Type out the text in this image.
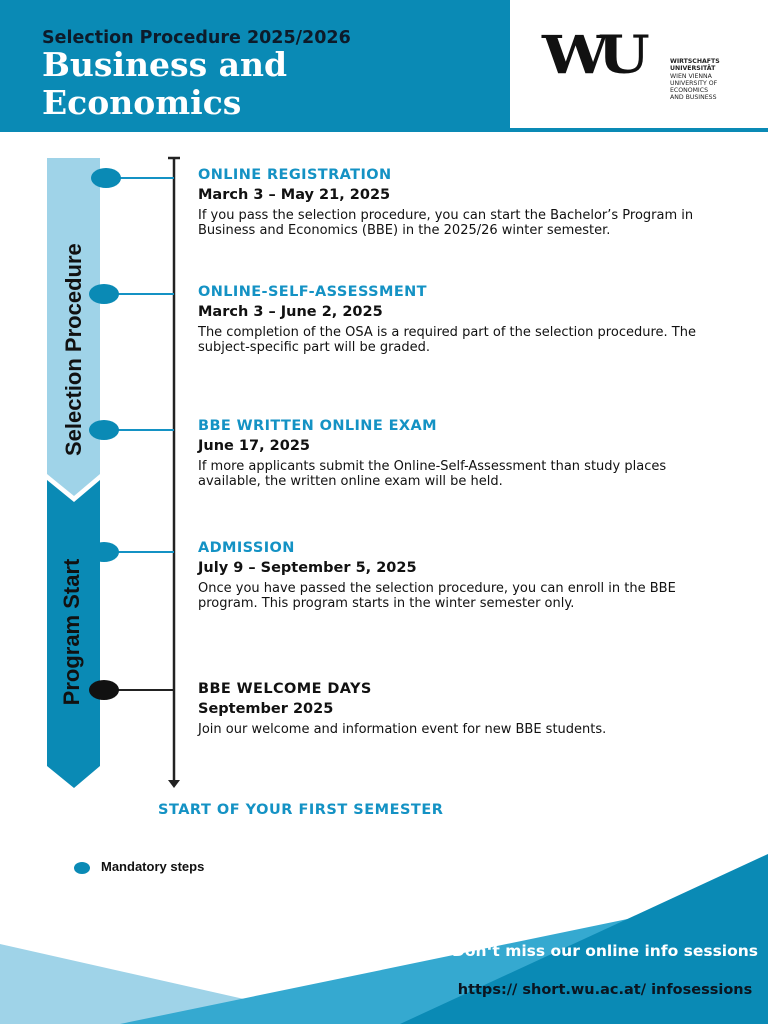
Selection Procedure 2025/2026
Business and Economics
WU	WIRTSCHAFTS
UNIVERSITÄT
WIEN VIENNA
UNIVERSITY OF
ECONOMICS
AND BUSINESS
Selection Procedure
Program Start
ONLINE REGISTRATION
March 3 – May 21, 2025
If you pass the selection procedure, you can start the Bachelor’s Program in Business and Economics (BBE) in the 2025/26 winter semester.
ONLINE-SELF-ASSESSMENT
March 3 – June 2, 2025
The completion of the OSA is a required part of the selection procedure. The subject-specific part will be graded.
BBE WRITTEN ONLINE EXAM
June 17, 2025
If more applicants submit the Online-Self-Assessment than study places available, the written online exam will be held.
ADMISSION
July 9 – September 5, 2025
Once you have passed the selection procedure, you can enroll in the BBE program. This program starts in the winter semester only.
BBE WELCOME DAYS
September 2025
Join our welcome and information event for new BBE students.
START OF YOUR FIRST SEMESTER
Mandatory steps
Don‘t miss our online info sessions
https:// short.wu.ac.at/ infosessions
